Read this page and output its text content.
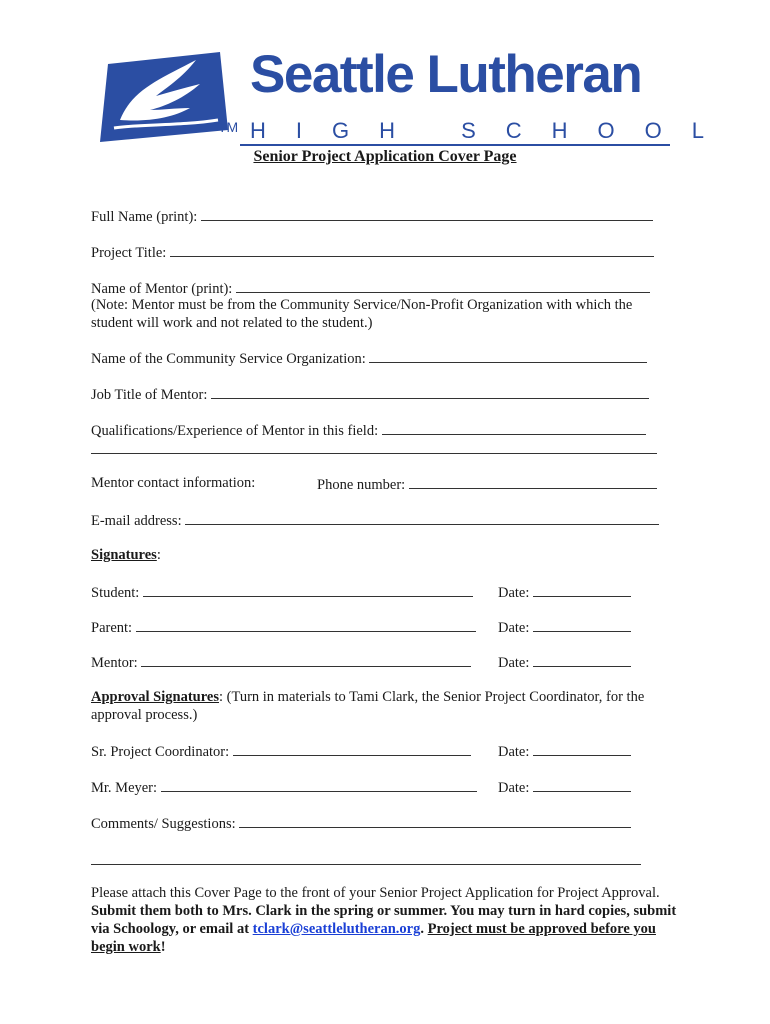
Seattle Lutheran
TM HIGH SCHOOL
Senior Project Application Cover Page
Full Name (print):
Project Title:
Name of Mentor (print):
(Note: Mentor must be from the Community Service/Non-Profit Organization with which the student will work and not related to the student.)
Name of the Community Service Organization:
Job Title of Mentor:
Qualifications/Experience of Mentor in this field:
Mentor contact information:	Phone number:
E-mail address:
Signatures:
Student:	Date:
Parent:	Date:
Mentor:	Date:
Approval Signatures: (Turn in materials to Tami Clark, the Senior Project Coordinator, for the approval process.)
Sr. Project Coordinator:	Date:
Mr. Meyer:	Date:
Comments/ Suggestions:
Please attach this Cover Page to the front of your Senior Project Application for Project Approval. Submit them both to Mrs. Clark in the spring or summer. You may turn in hard copies, submit via Schoology, or email at tclark@seattlelutheran.org. Project must be approved before you begin work!
